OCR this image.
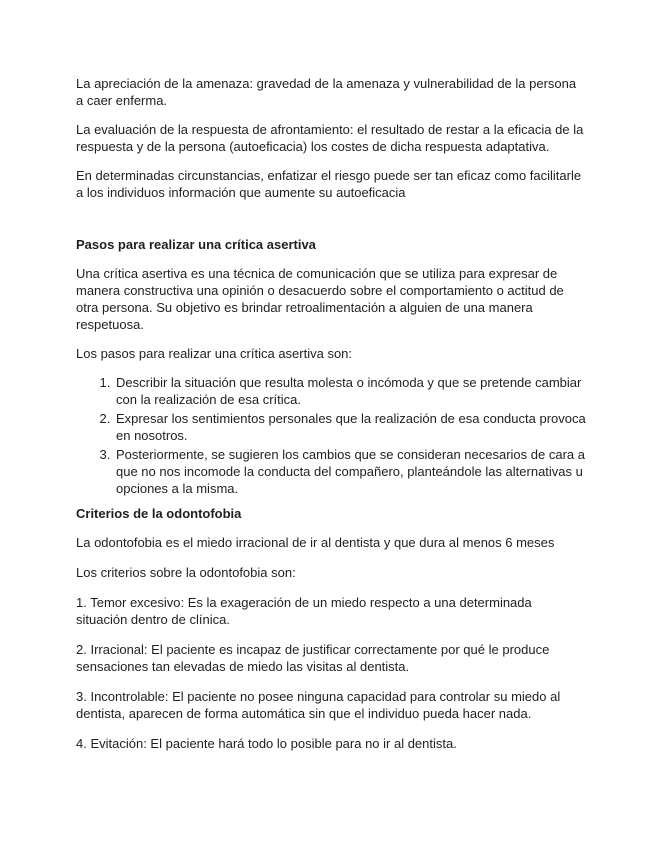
La apreciación de la amenaza: gravedad de la amenaza y vulnerabilidad de la persona a caer enferma.

La evaluación de la respuesta de afrontamiento: el resultado de restar a la eficacia de la respuesta y de la persona (autoeficacia) los costes de dicha respuesta adaptativa.

En determinadas circunstancias, enfatizar el riesgo puede ser tan eficaz como facilitarle a los individuos información que aumente su autoeficacia

Pasos para realizar una crítica asertiva

Una crítica asertiva es una técnica de comunicación que se utiliza para expresar de manera constructiva una opinión o desacuerdo sobre el comportamiento o actitud de otra persona. Su objetivo es brindar retroalimentación a alguien de una manera respetuosa.

Los pasos para realizar una crítica asertiva son:

1. Describir la situación que resulta molesta o incómoda y que se pretende cambiar con la realización de esa crítica.
2. Expresar los sentimientos personales que la realización de esa conducta provoca en nosotros.
3. Posteriormente, se sugieren los cambios que se consideran necesarios de cara a que no nos incomode la conducta del compañero, planteándole las alternativas u opciones a la misma.

Criterios de la odontofobia

La odontofobia es el miedo irracional de ir al dentista y que dura al menos 6 meses

Los criterios sobre la odontofobia son:

1. Temor excesivo: Es la exageración de un miedo respecto a una determinada situación dentro de clínica.

2. Irracional: El paciente es incapaz de justificar correctamente por qué le produce sensaciones tan elevadas de miedo las visitas al dentista.

3. Incontrolable: El paciente no posee ninguna capacidad para controlar su miedo al dentista, aparecen de forma automática sin que el individuo pueda hacer nada.

4. Evitación: El paciente hará todo lo posible para no ir al dentista.
